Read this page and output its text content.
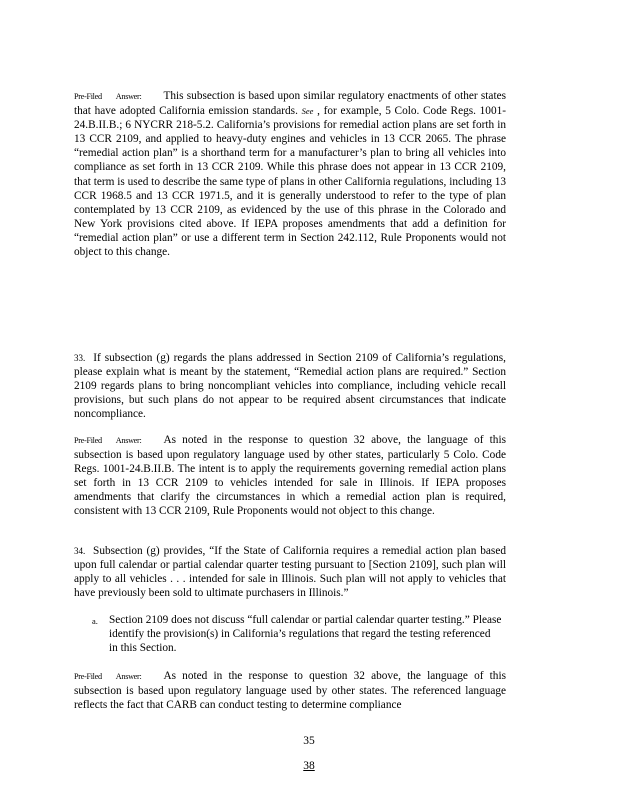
Pre-Filed Answer: This subsection is based upon similar regulatory enactments of other states that have adopted California emission standards. See , for example, 5 Colo. Code Regs. 1001-24.B.II.B.; 6 NYCRR 218-5.2. California’s provisions for remedial action plans are set forth in 13 CCR 2109, and applied to heavy-duty engines and vehicles in 13 CCR 2065. The phrase “remedial action plan” is a shorthand term for a manufacturer’s plan to bring all vehicles into compliance as set forth in 13 CCR 2109. While this phrase does not appear in 13 CCR 2109, that term is used to describe the same type of plans in other California regulations, including 13 CCR 1968.5 and 13 CCR 1971.5, and it is generally understood to refer to the type of plan contemplated by 13 CCR 2109, as evidenced by the use of this phrase in the Colorado and New York provisions cited above. If IEPA proposes amendments that add a definition for “remedial action plan” or use a different term in Section 242.112, Rule Proponents would not object to this change.

33. If subsection (g) regards the plans addressed in Section 2109 of California’s regulations, please explain what is meant by the statement, “Remedial action plans are required.” Section 2109 regards plans to bring noncompliant vehicles into compliance, including vehicle recall provisions, but such plans do not appear to be required absent circumstances that indicate noncompliance.

Pre-Filed Answer: As noted in the response to question 32 above, the language of this subsection is based upon regulatory language used by other states, particularly 5 Colo. Code Regs. 1001-24.B.II.B. The intent is to apply the requirements governing remedial action plans set forth in 13 CCR 2109 to vehicles intended for sale in Illinois. If IEPA proposes amendments that clarify the circumstances in which a remedial action plan is required, consistent with 13 CCR 2109, Rule Proponents would not object to this change.

34. Subsection (g) provides, “If the State of California requires a remedial action plan based upon full calendar or partial calendar quarter testing pursuant to [Section 2109], such plan will apply to all vehicles . . . intended for sale in Illinois. Such plan will not apply to vehicles that have previously been sold to ultimate purchasers in Illinois.”

a. Section 2109 does not discuss “full calendar or partial calendar quarter testing.” Please identify the provision(s) in California’s regulations that regard the testing referenced in this Section.

Pre-Filed Answer: As noted in the response to question 32 above, the language of this subsection is based upon regulatory language used by other states. The referenced language reflects the fact that CARB can conduct testing to determine compliance

35
38
